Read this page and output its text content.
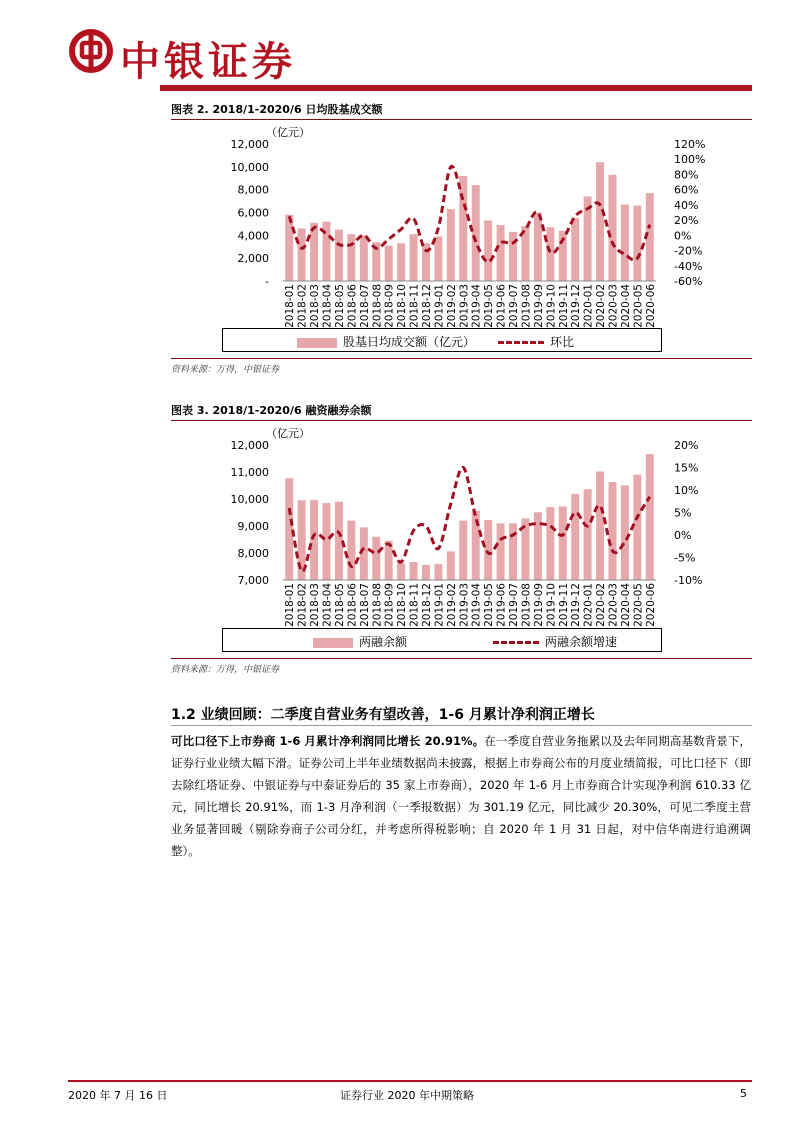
中银证券
图表 2. 2018/1-2020/6 日均股基成交额
（亿元）
-
2,000
4,000
6,000
8,000
10,000
12,000
-60%
-40%
-20%
0%
20%
40%
60%
80%
100%
120%
2018-01 2018-02 2018-03 2018-04 2018-05 2018-06 2018-07 2018-08 2018-09 2018-10 2018-11 2018-12 2019-01 2019-02 2019-03 2019-04 2019-05 2019-06 2019-07 2019-08 2019-09 2019-10 2019-11 2019-12 2020-01 2020-02 2020-03 2020-04 2020-05 2020-06
股基日均成交额（亿元）	环比
资料来源：万得，中银证券
图表 3. 2018/1-2020/6 融资融券余额
（亿元）
7,000
8,000
9,000
10,000
11,000
12,000
-10%
-5%
0%
5%
10%
15%
20%
2018-01 2018-02 2018-03 2018-04 2018-05 2018-06 2018-07 2018-08 2018-09 2018-10 2018-11 2018-12 2019-01 2019-02 2019-03 2019-04 2019-05 2019-06 2019-07 2019-08 2019-09 2019-10 2019-11 2019-12 2020-01 2020-02 2020-03 2020-04 2020-05 2020-06
两融余额	两融余额增速
资料来源：万得，中银证券
1.2 业绩回顾：二季度自营业务有望改善，1-6 月累计净利润正增长
可比口径下上市券商 1-6 月累计净利润同比增长 20.91%。在一季度自营业务拖累以及去年同期高基数背景下，证券行业业绩大幅下滑。证券公司上半年业绩数据尚未披露，根据上市券商公布的月度业绩简报，可比口径下（即去除红塔证券、中银证券与中泰证券后的 35 家上市券商），2020 年 1-6 月上市券商合计实现净利润 610.33 亿元，同比增长 20.91%，而 1-3 月净利润（一季报数据）为 301.19 亿元，同比减少 20.30%，可见二季度主营业务显著回暖（剔除券商子公司分红，并考虑所得税影响；自 2020 年 1 月 31 日起，对中信华南进行追溯调整）。
2020 年 7 月 16 日	证券行业 2020 年中期策略	5
